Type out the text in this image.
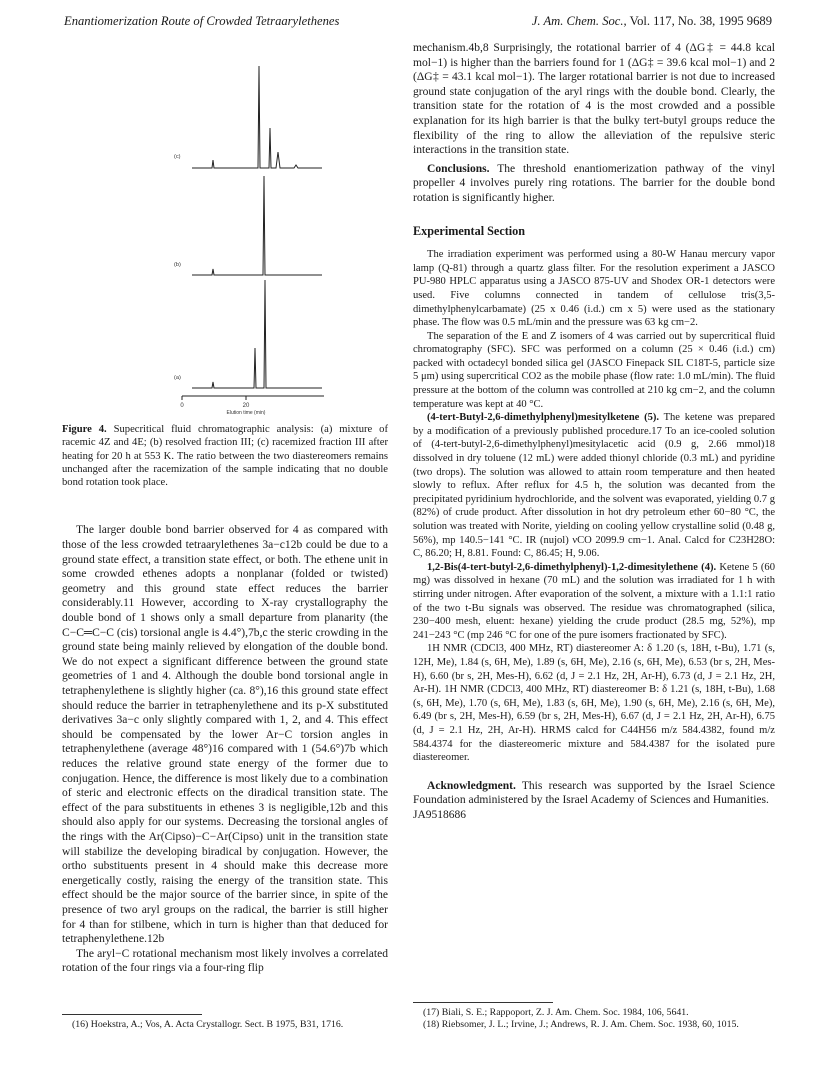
Enantiomerization Route of Crowded Tetraarylethenes	J. Am. Chem. Soc., Vol. 117, No. 38, 1995 9689
(c)
(b)
(a)
0	20
Elution time (min)
Figure 4. Supecritical fluid chromatographic analysis: (a) mixture of racemic 4Z and 4E; (b) resolved fraction III; (c) racemized fraction III after heating for 20 h at 553 K. The ratio between the two diastereomers remains unchanged after the racemization of the sample indicating that no double bond rotation took place.

The larger double bond barrier observed for 4 as compared with those of the less crowded tetraarylethenes 3a−c12b could be due to a ground state effect, a transition state effect, or both. The ethene unit in some crowded ethenes adopts a nonplanar (folded or twisted) geometry and this ground state effect reduces the barrier considerably.11 However, according to X-ray crystallography the double bond of 1 shows only a small departure from planarity (the C−C═C−C (cis) torsional angle is 4.4°),7b,c the steric crowding in the ground state being mainly relieved by elongation of the double bond. We do not expect a significant difference between the ground state geometries of 1 and 4. Although the double bond torsional angle in tetraphenylethene is slightly higher (ca. 8°),16 this ground state effect should reduce the barrier in tetraphenylethene and its p-X substituted derivatives 3a−c only slightly compared with 1, 2, and 4. This effect should be compensated by the lower Ar−C torsion angles in tetraphenylethene (average 48°)16 compared with 1 (54.6°)7b which reduces the relative ground state energy of the former due to conjugation. Hence, the difference is most likely due to a combination of steric and electronic effects on the diradical transition state. The effect of the para substituents in ethenes 3 is negligible,12b and this should also apply for our systems. Decreasing the torsional angles of the rings with the Ar(Cipso)−C−Ar(Cipso) unit in the transition state will stabilize the developing biradical by conjugation. However, the ortho substituents present in 4 should make this decrease more energetically costly, raising the energy of the transition state. This effect should be the major source of the barrier since, in spite of the presence of two aryl groups on the radical, the barrier is still higher for 4 than for stilbene, which in turn is higher than that deduced for tetraphenylethene.12b

The aryl−C rotational mechanism most likely involves a correlated rotation of the four rings via a four-ring flip

mechanism.4b,8 Surprisingly, the rotational barrier of 4 (ΔG‡ = 44.8 kcal mol−1) is higher than the barriers found for 1 (ΔG‡ = 39.6 kcal mol−1) and 2 (ΔG‡ = 43.1 kcal mol−1). The larger rotational barrier is not due to increased ground state conjugation of the aryl rings with the double bond. Clearly, the transition state for the rotation of 4 is the most crowded and a possible explanation for its high barrier is that the bulky tert-butyl groups reduce the flexibility of the ring to allow the alleviation of the repulsive steric interactions in the transition state.

Conclusions. The threshold enantiomerization pathway of the vinyl propeller 4 involves purely ring rotations. The barrier for the double bond rotation is significantly higher.

Experimental Section

The irradiation experiment was performed using a 80-W Hanau mercury vapor lamp (Q-81) through a quartz glass filter. For the resolution experiment a JASCO PU-980 HPLC apparatus using a JASCO 875-UV and Shodex OR-1 detectors were used. Five columns connected in tandem of cellulose tris(3,5-dimethylphenylcarbamate) (25 x 0.46 (i.d.) cm x 5) were used as the stationary phase. The flow was 0.5 mL/min and the pressure was 63 kg cm−2.

The separation of the E and Z isomers of 4 was carried out by supercritical fluid chromatography (SFC). SFC was performed on a column (25 × 0.46 (i.d.) cm) packed with octadecyl bonded silica gel (JASCO Finepack SIL C18T-5, particle size 5 μm) using supercritical CO2 as the mobile phase (flow rate: 1.0 mL/min). The fluid pressure at the bottom of the column was controlled at 210 kg cm−2, and the column temperature was kept at 40 °C.

(4-tert-Butyl-2,6-dimethylphenyl)mesitylketene (5). The ketene was prepared by a modification of a previously published procedure.17 To an ice-cooled solution of (4-tert-butyl-2,6-dimethylphenyl)mesitylacetic acid (0.9 g, 2.66 mmol)18 dissolved in dry toluene (12 mL) were added thionyl chloride (0.3 mL) and pyridine (two drops). The solution was allowed to attain room temperature and then heated slowly to reflux. After reflux for 4.5 h, the solution was decanted from the precipitated pyridinium hydrochloride, and the solvent was evaporated, yielding 0.7 g (82%) of crude product. After dissolution in hot dry petroleum ether 60−80 °C, the solution was treated with Norite, yielding on cooling yellow crystalline solid (0.48 g, 56%), mp 140.5−141 °C. IR (nujol) νCO 2099.9 cm−1. Anal. Calcd for C23H28O: C, 86.20; H, 8.81. Found: C, 86.45; H, 9.06.

1,2-Bis(4-tert-butyl-2,6-dimethylphenyl)-1,2-dimesitylethene (4). Ketene 5 (60 mg) was dissolved in hexane (70 mL) and the solution was irradiated for 1 h with stirring under nitrogen. After evaporation of the solvent, a mixture with a 1.1:1 ratio of the two t-Bu signals was observed. The residue was chromatographed (silica, 230−400 mesh, eluent: hexane) yielding the crude product (28.5 mg, 52%), mp 241−243 °C (mp 246 °C for one of the pure isomers fractionated by SFC).

1H NMR (CDCl3, 400 MHz, RT) diastereomer A: δ 1.20 (s, 18H, t-Bu), 1.71 (s, 12H, Me), 1.84 (s, 6H, Me), 1.89 (s, 6H, Me), 2.16 (s, 6H, Me), 6.53 (br s, 2H, Mes-H), 6.60 (br s, 2H, Mes-H), 6.62 (d, J = 2.1 Hz, 2H, Ar-H), 6.73 (d, J = 2.1 Hz, 2H, Ar-H). 1H NMR (CDCl3, 400 MHz, RT) diastereomer B: δ 1.21 (s, 18H, t-Bu), 1.68 (s, 6H, Me), 1.70 (s, 6H, Me), 1.83 (s, 6H, Me), 1.90 (s, 6H, Me), 2.16 (s, 6H, Me), 6.49 (br s, 2H, Mes-H), 6.59 (br s, 2H, Mes-H), 6.67 (d, J = 2.1 Hz, 2H, Ar-H), 6.75 (d, J = 2.1 Hz, 2H, Ar-H). HRMS calcd for C44H56 m/z 584.4382, found m/z 584.4374 for the diastereomeric mixture and 584.4387 for the isolated pure diastereomer.

Acknowledgment. This research was supported by the Israel Science Foundation administered by the Israel Academy of Sciences and Humanities.

JA9518686

(16) Hoekstra, A.; Vos, A. Acta Crystallogr. Sect. B 1975, B31, 1716.

(17) Biali, S. E.; Rappoport, Z. J. Am. Chem. Soc. 1984, 106, 5641.

(18) Riebsomer, J. L.; Irvine, J.; Andrews, R. J. Am. Chem. Soc. 1938, 60, 1015.
